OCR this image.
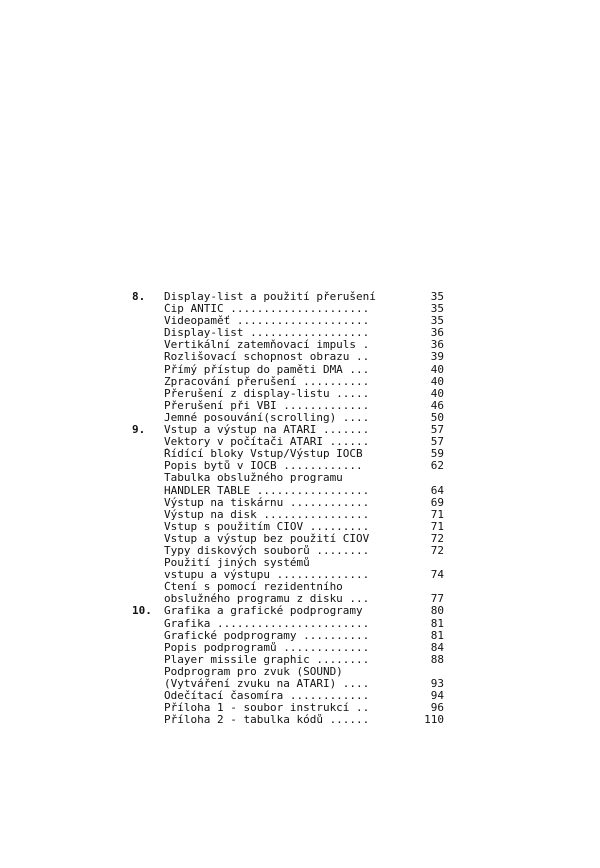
8. Display-list a použití přerušení	35
Čip ANTIC .....................	35
Videopaměť ....................	35
Display-list ..................	36
Vertikální zatemňovací impuls .	36
Rozlišovací schopnost obrazu ..	39
Přímý přístup do paměti DMA ...	40
Zpracování přerušení ..........	40
Přerušení z display-listu .....	40
Přerušení při VBI .............	46
Jemné posouvání(scrolling) ....	50
9. Vstup a výstup na ATARI .......	57
Vektory v počítači ATARI ......	57
Řídící bloky Vstup/Výstup IOCB	59
Popis bytů v IOCB ............	62
Tabulka obslužného programu
HANDLER TABLE .................	64
Výstup na tiskárnu ............	69
Výstup na disk ................	71
Vstup s použitím CIOV .........	71
Vstup a výstup bez použití CIOV	72
Typy diskových souborů ........	72
Použití jiných systémů
vstupu a výstupu ..............	74
Čtení s pomocí rezidentního
obslužného programu z disku ...	77
10. Grafika a grafické podprogramy	80
Grafika .......................	81
Grafické podprogramy ..........	81
Popis podprogramů .............	84
Player missile graphic ........	88
Podprogram pro zvuk (SOUND)
(Vytváření zvuku na ATARI) ....	93
Odečítací časomíra ............	94
Příloha 1 - soubor instrukcí ..	96
Příloha 2 - tabulka kódů ......	110
